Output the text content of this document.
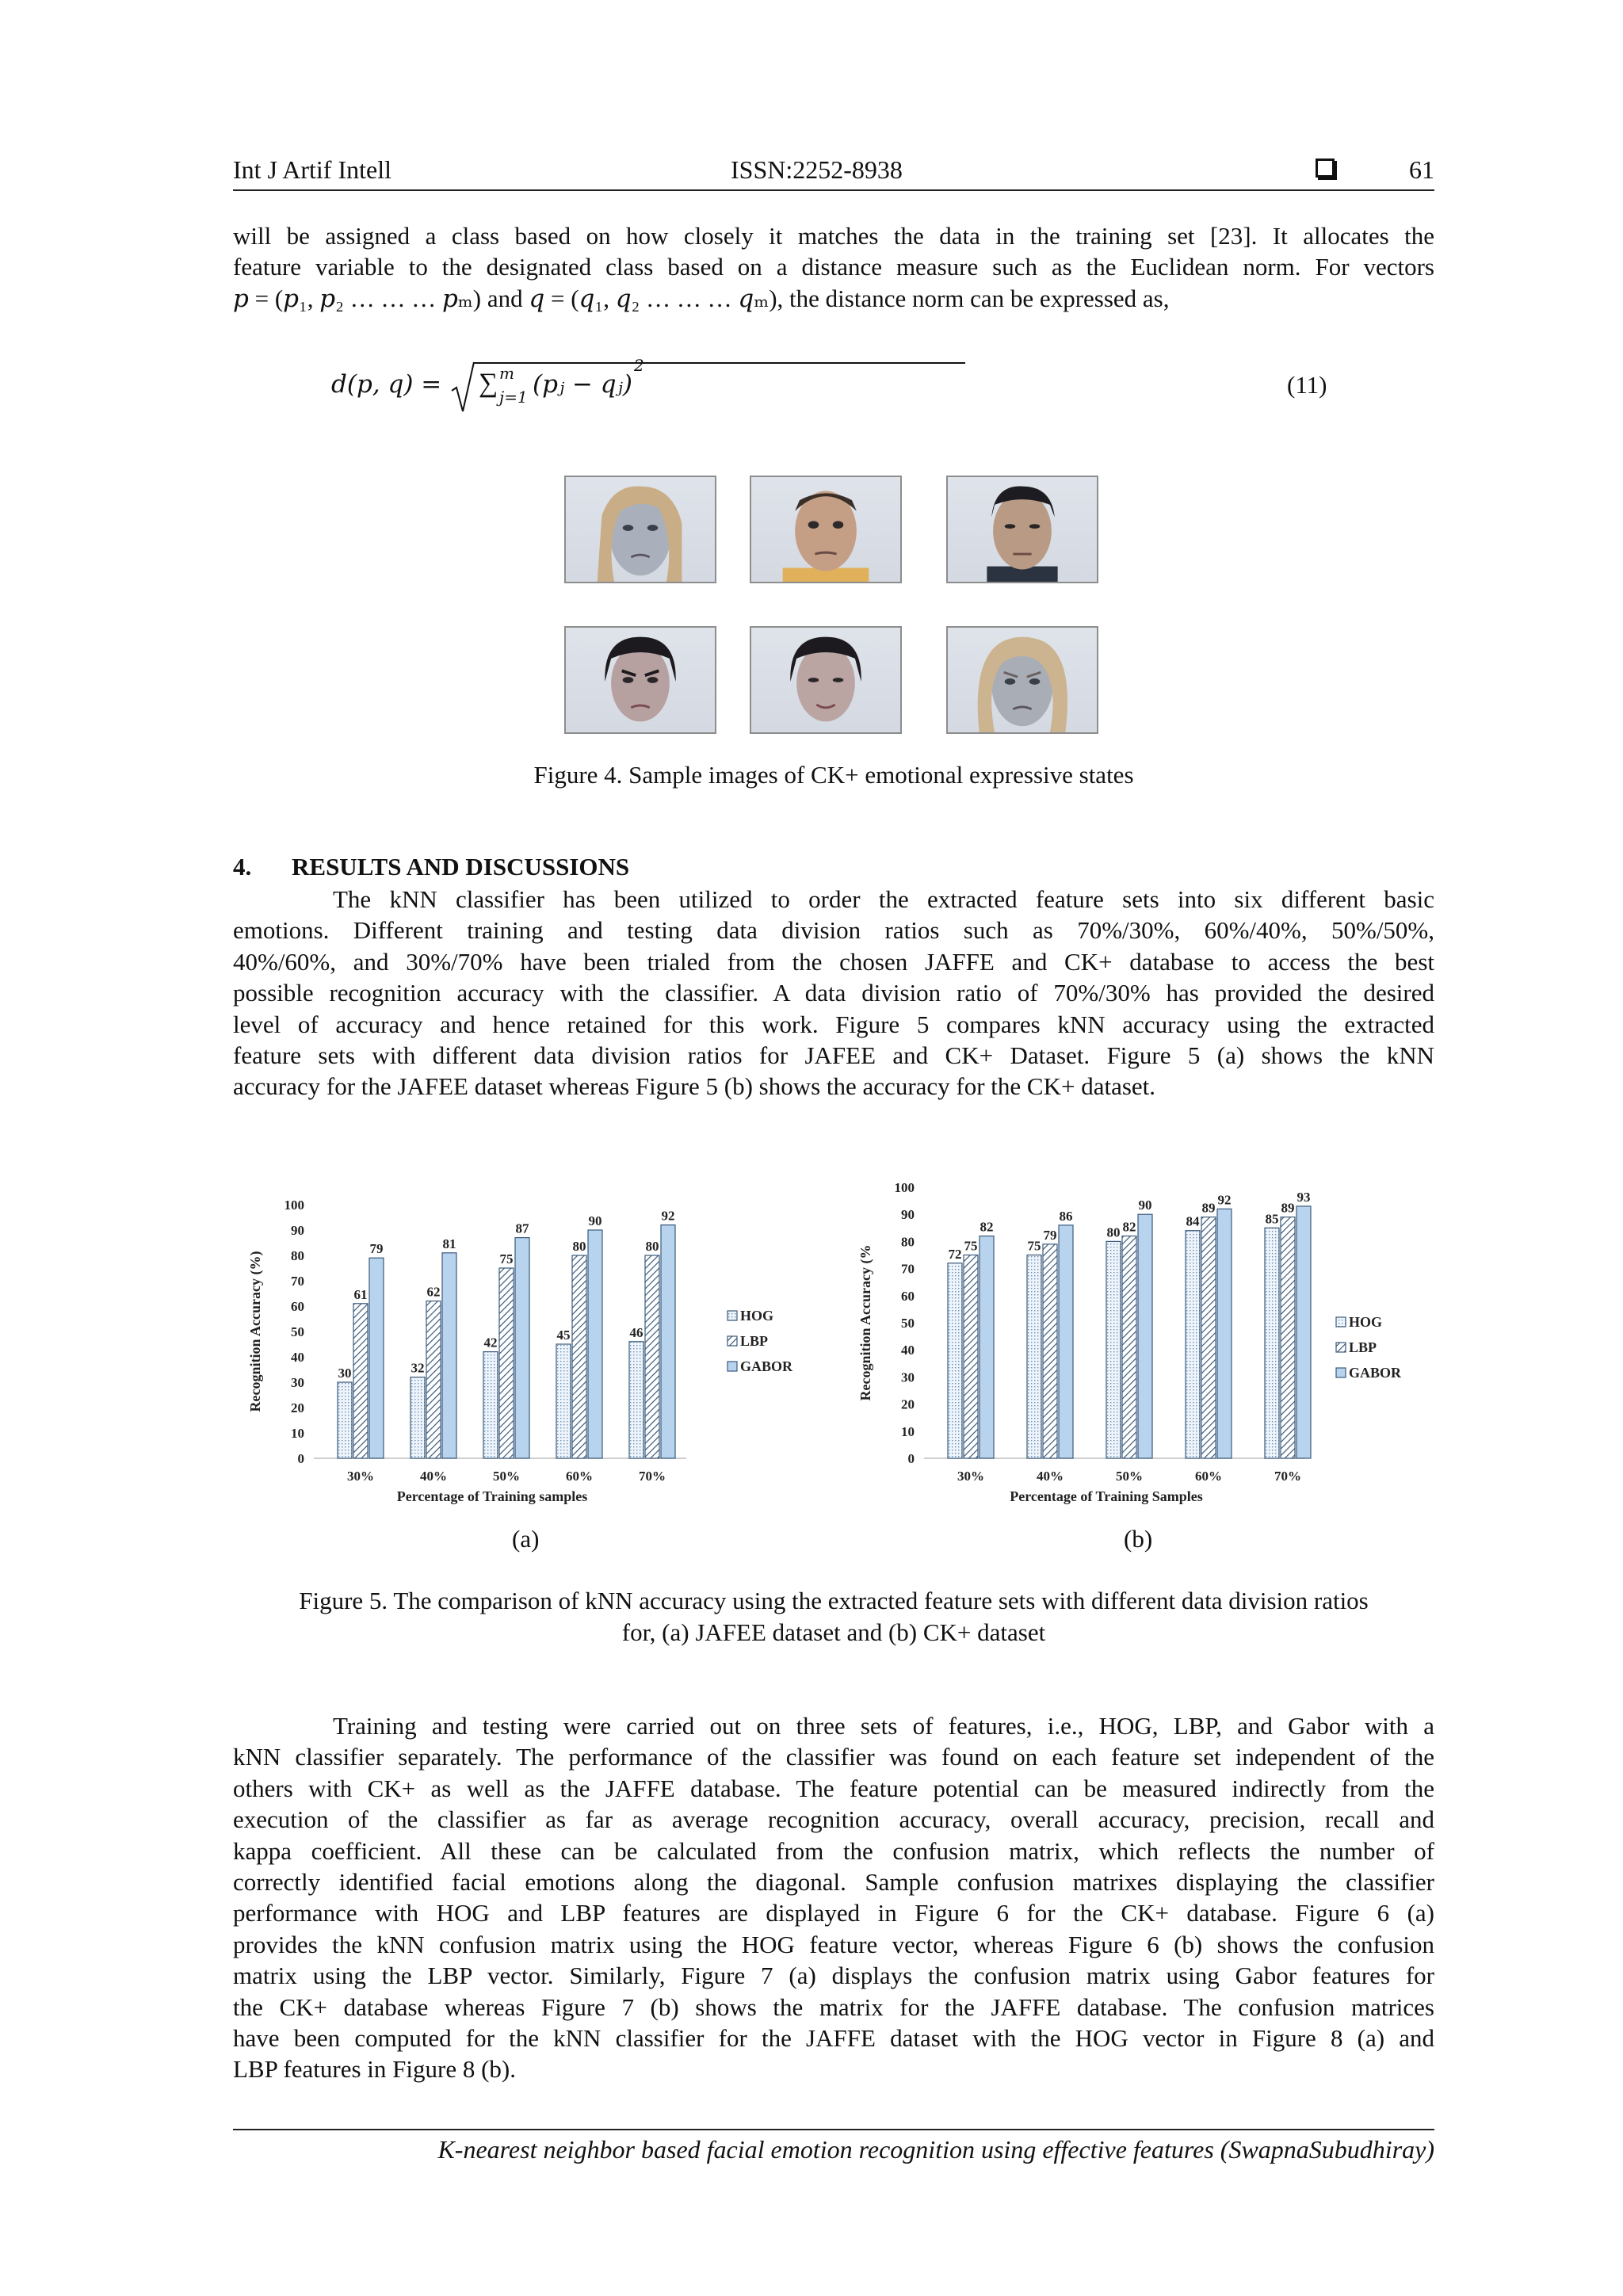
Int J Artif Intell	ISSN:2252-8938	61
will be assigned a class based on how closely it matches the data in the training set [23]. It allocates the
feature variable to the designated class based on a distance measure such as the Euclidean norm. For vectors
𝑝 = (𝑝₁, 𝑝₂ … … … 𝑝ₘ) and 𝑞 = (𝑞₁, 𝑞₂ … … … 𝑞ₘ), the distance norm can be expressed as,
𝑑(𝑝, 𝑞) = ∑ 𝑚
𝑗=1 (𝑝ⱼ − 𝑞ⱼ)
2
(11)
Figure 4. Sample images of CK+ emotional expressive states
4. RESULTS AND DISCUSSIONS
The kNN classifier has been utilized to order the extracted feature sets into six different basic
emotions. Different training and testing data division ratios such as 70%/30%, 60%/40%, 50%/50%,
40%/60%, and 30%/70% have been trialed from the chosen JAFFE and CK+ database to access the best
possible recognition accuracy with the classifier. A data division ratio of 70%/30% has provided the desired
level of accuracy and hence retained for this work. Figure 5 compares kNN accuracy using the extracted
feature sets with different data division ratios for JAFEE and CK+ Dataset. Figure 5 (a) shows the kNN
accuracy for the JAFEE dataset whereas Figure 5 (b) shows the accuracy for the CK+ dataset.
0
10
20
30
40
50
60
70
80
90
100
30
61
79
30%
32
62
81
40%
42
75
87
50%
45
80
90
60%
46
80
92
70%
Percentage of Training samples
Recognition Accuracy (%)	HOG
LBP
GABOR
0
10
20
30
40
50
60
70
80
90
100
72
75
82
30%
75
79
86
40%
80 82
90
50%
84
89
92
60%
85
89
93
70%
Percentage of Training Samples
Recognition Accuracy (%	HOG
LBP
GABOR
(a)	(b)
Figure 5. The comparison of kNN accuracy using the extracted feature sets with different data division ratios
for, (a) JAFEE dataset and (b) CK+ dataset
Training and testing were carried out on three sets of features, i.e., HOG, LBP, and Gabor with a
kNN classifier separately. The performance of the classifier was found on each feature set independent of the
others with CK+ as well as the JAFFE database. The feature potential can be measured indirectly from the
execution of the classifier as far as average recognition accuracy, overall accuracy, precision, recall and
kappa coefficient. All these can be calculated from the confusion matrix, which reflects the number of
correctly identified facial emotions along the diagonal. Sample confusion matrixes displaying the classifier
performance with HOG and LBP features are displayed in Figure 6 for the CK+ database. Figure 6 (a)
provides the kNN confusion matrix using the HOG feature vector, whereas Figure 6 (b) shows the confusion
matrix using the LBP vector. Similarly, Figure 7 (a) displays the confusion matrix using Gabor features for
the CK+ database whereas Figure 7 (b) shows the matrix for the JAFFE database. The confusion matrices
have been computed for the kNN classifier for the JAFFE dataset with the HOG vector in Figure 8 (a) and
LBP features in Figure 8 (b).
K-nearest neighbor based facial emotion recognition using effective features (SwapnaSubudhiray)
